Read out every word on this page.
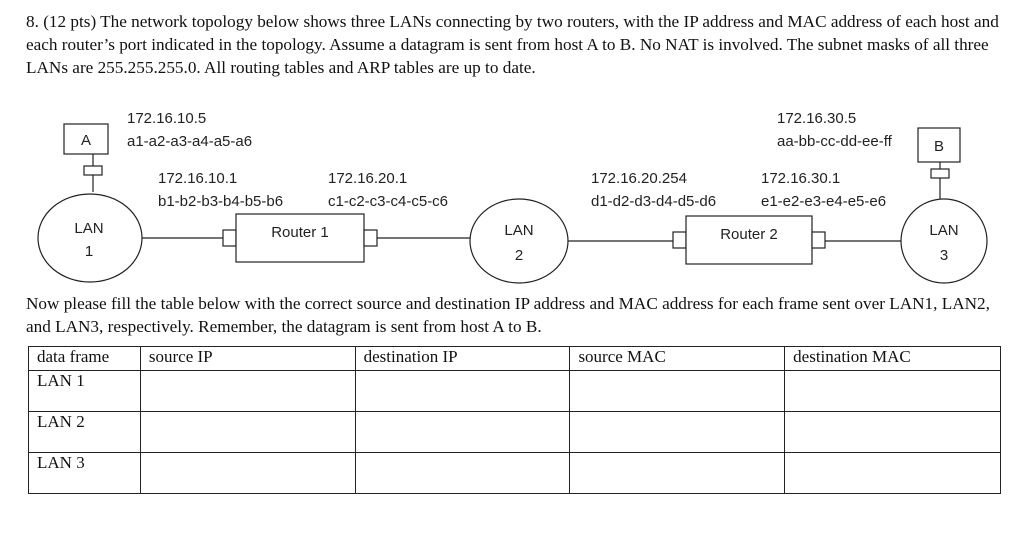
8. (12 pts) The network topology below shows three LANs connecting by two routers, with the IP address and MAC address of each host and each router’s port indicated in the topology. Assume a datagram is sent from host A to B. No NAT is involved. The subnet masks of all three LANs are 255.255.255.0. All routing tables and ARP tables are up to date.

A
172.16.10.5
a1-a2-a3-a4-a5-a6
LAN
1
Router 1
172.16.10.1
b1-b2-b3-b4-b5-b6
172.16.20.1
c1-c2-c3-c4-c5-c6
LAN
2
Router 2
172.16.20.254
d1-d2-d3-d4-d5-d6
172.16.30.1
e1-e2-e3-e4-e5-e6
LAN
3
B
172.16.30.5
aa-bb-cc-dd-ee-ff

Now please fill the table below with the correct source and destination IP address and MAC address for each frame sent over LAN1, LAN2, and LAN3, respectively. Remember, the datagram is sent from host A to B.

data frame	source IP	destination IP	source MAC	destination MAC
LAN 1				
LAN 2				
LAN 3				
